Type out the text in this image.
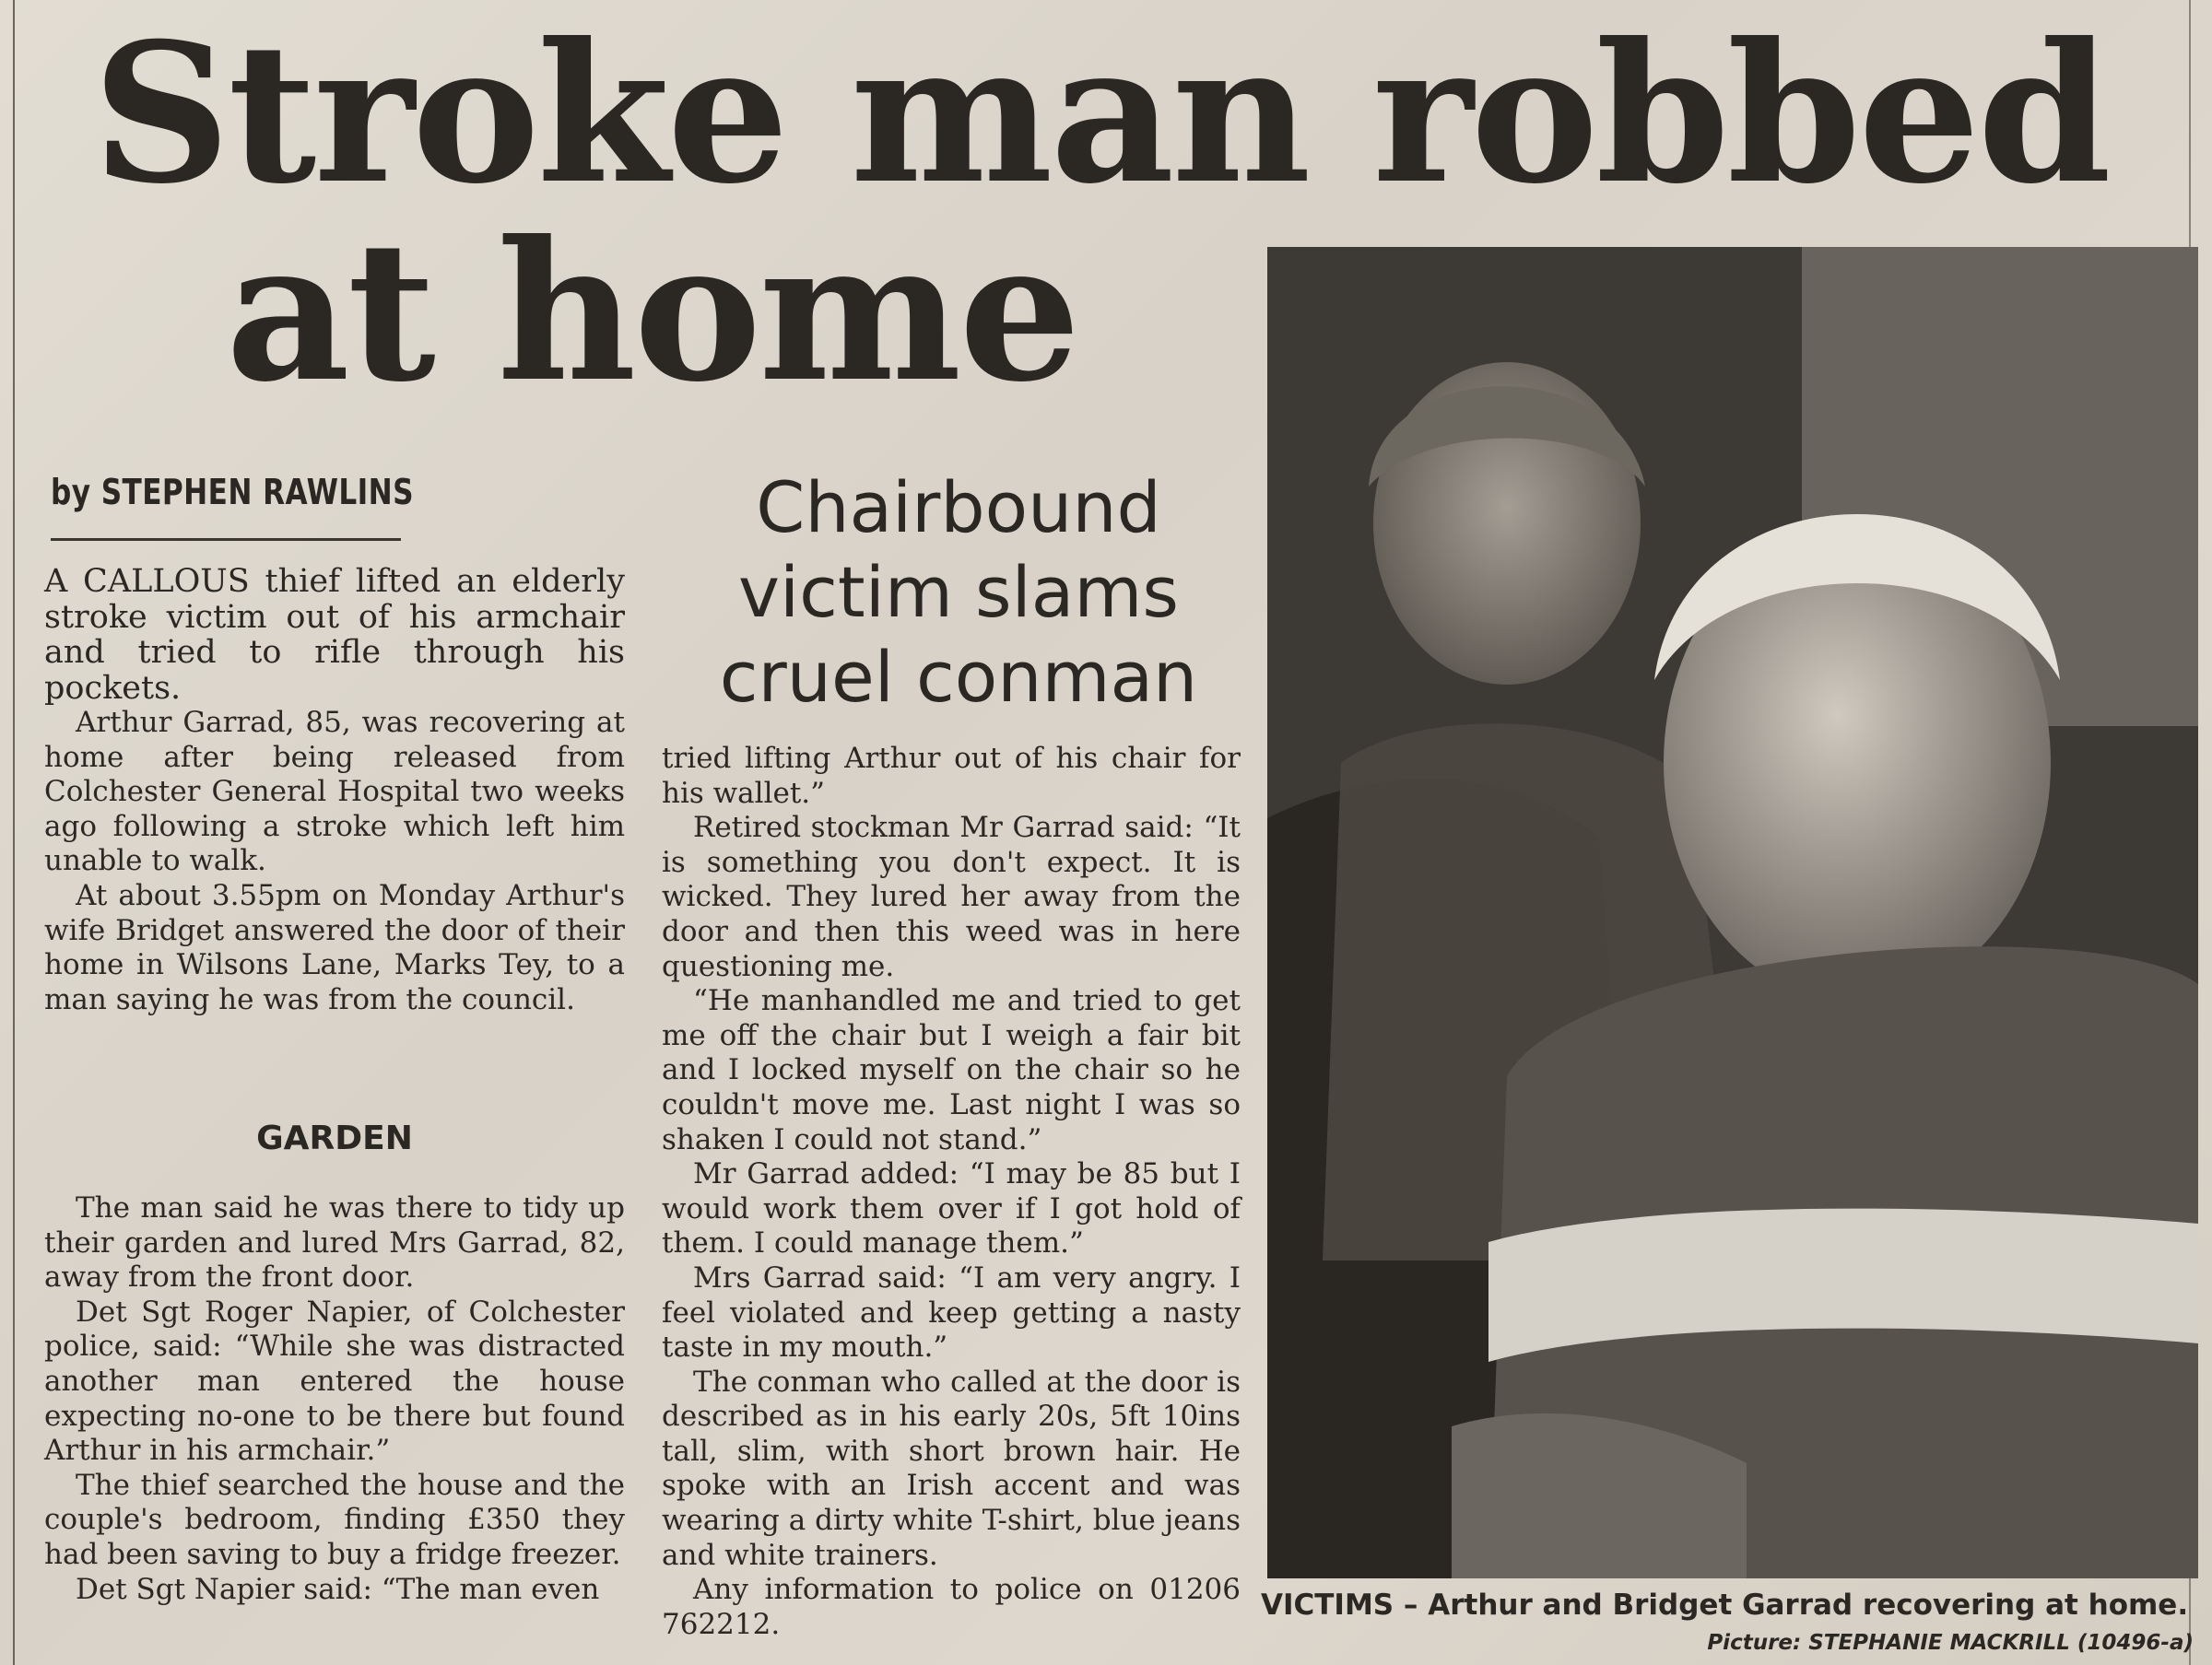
Stroke man robbed
at home
by STEPHEN RAWLINS	Chairbound
victim slams
cruel conman

A CALLOUS thief lifted an elderly stroke victim out of his armchair and tried to rifle through his pockets.

Arthur Garrad, 85, was recovering at home after being released from Colchester General Hospital two weeks ago following a stroke which left him unable to walk.

At about 3.55pm on Monday Arthur's wife Bridget answered the door of their home in Wilsons Lane, Marks Tey, to a man saying he was from the council.

GARDEN

The man said he was there to tidy up their garden and lured Mrs Garrad, 82, away from the front door.

Det Sgt Roger Napier, of Colchester police, said: “While she was distracted another man entered the house expecting no-one to be there but found Arthur in his armchair.”

The thief searched the house and the couple's bedroom, finding £350 they had been saving to buy a fridge freezer.

Det Sgt Napier said: “The man even

tried lifting Arthur out of his chair for his wallet.”

Retired stockman Mr Garrad said: “It is something you don't expect. It is wicked. They lured her away from the door and then this weed was in here questioning me.

“He manhandled me and tried to get me off the chair but I weigh a fair bit and I locked myself on the chair so he couldn't move me. Last night I was so shaken I could not stand.”

Mr Garrad added: “I may be 85 but I would work them over if I got hold of them. I could manage them.”

Mrs Garrad said: “I am very angry. I feel violated and keep getting a nasty taste in my mouth.”

The conman who called at the door is described as in his early 20s, 5ft 10ins tall, slim, with short brown hair. He spoke with an Irish accent and was wearing a dirty white T-shirt, blue jeans and white trainers.

Any information to police on 01206 762212.

VICTIMS – Arthur and Bridget Garrad recovering at home.
Picture: STEPHANIE MACKRILL (10496-a)
